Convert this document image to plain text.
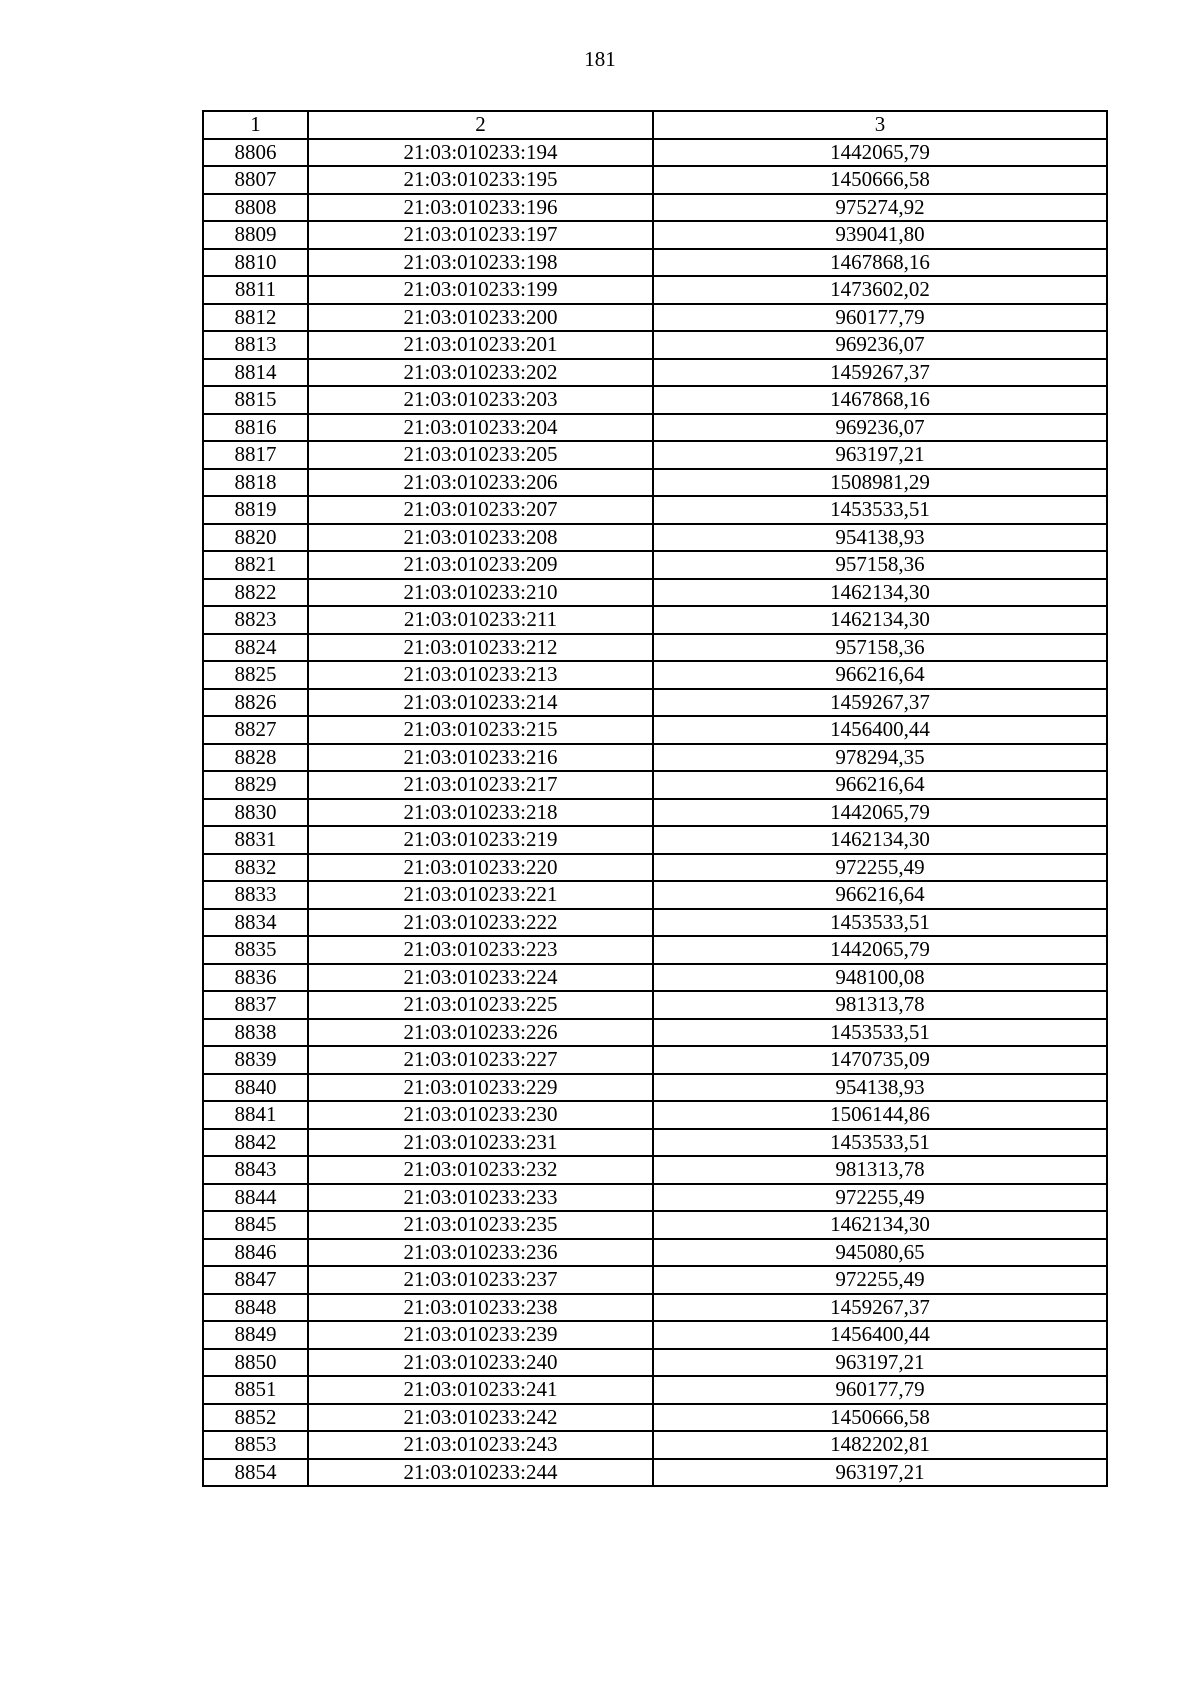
181
1	2	3
8806	21:03:010233:194	1442065,79
8807	21:03:010233:195	1450666,58
8808	21:03:010233:196	975274,92
8809	21:03:010233:197	939041,80
8810	21:03:010233:198	1467868,16
8811	21:03:010233:199	1473602,02
8812	21:03:010233:200	960177,79
8813	21:03:010233:201	969236,07
8814	21:03:010233:202	1459267,37
8815	21:03:010233:203	1467868,16
8816	21:03:010233:204	969236,07
8817	21:03:010233:205	963197,21
8818	21:03:010233:206	1508981,29
8819	21:03:010233:207	1453533,51
8820	21:03:010233:208	954138,93
8821	21:03:010233:209	957158,36
8822	21:03:010233:210	1462134,30
8823	21:03:010233:211	1462134,30
8824	21:03:010233:212	957158,36
8825	21:03:010233:213	966216,64
8826	21:03:010233:214	1459267,37
8827	21:03:010233:215	1456400,44
8828	21:03:010233:216	978294,35
8829	21:03:010233:217	966216,64
8830	21:03:010233:218	1442065,79
8831	21:03:010233:219	1462134,30
8832	21:03:010233:220	972255,49
8833	21:03:010233:221	966216,64
8834	21:03:010233:222	1453533,51
8835	21:03:010233:223	1442065,79
8836	21:03:010233:224	948100,08
8837	21:03:010233:225	981313,78
8838	21:03:010233:226	1453533,51
8839	21:03:010233:227	1470735,09
8840	21:03:010233:229	954138,93
8841	21:03:010233:230	1506144,86
8842	21:03:010233:231	1453533,51
8843	21:03:010233:232	981313,78
8844	21:03:010233:233	972255,49
8845	21:03:010233:235	1462134,30
8846	21:03:010233:236	945080,65
8847	21:03:010233:237	972255,49
8848	21:03:010233:238	1459267,37
8849	21:03:010233:239	1456400,44
8850	21:03:010233:240	963197,21
8851	21:03:010233:241	960177,79
8852	21:03:010233:242	1450666,58
8853	21:03:010233:243	1482202,81
8854	21:03:010233:244	963197,21
